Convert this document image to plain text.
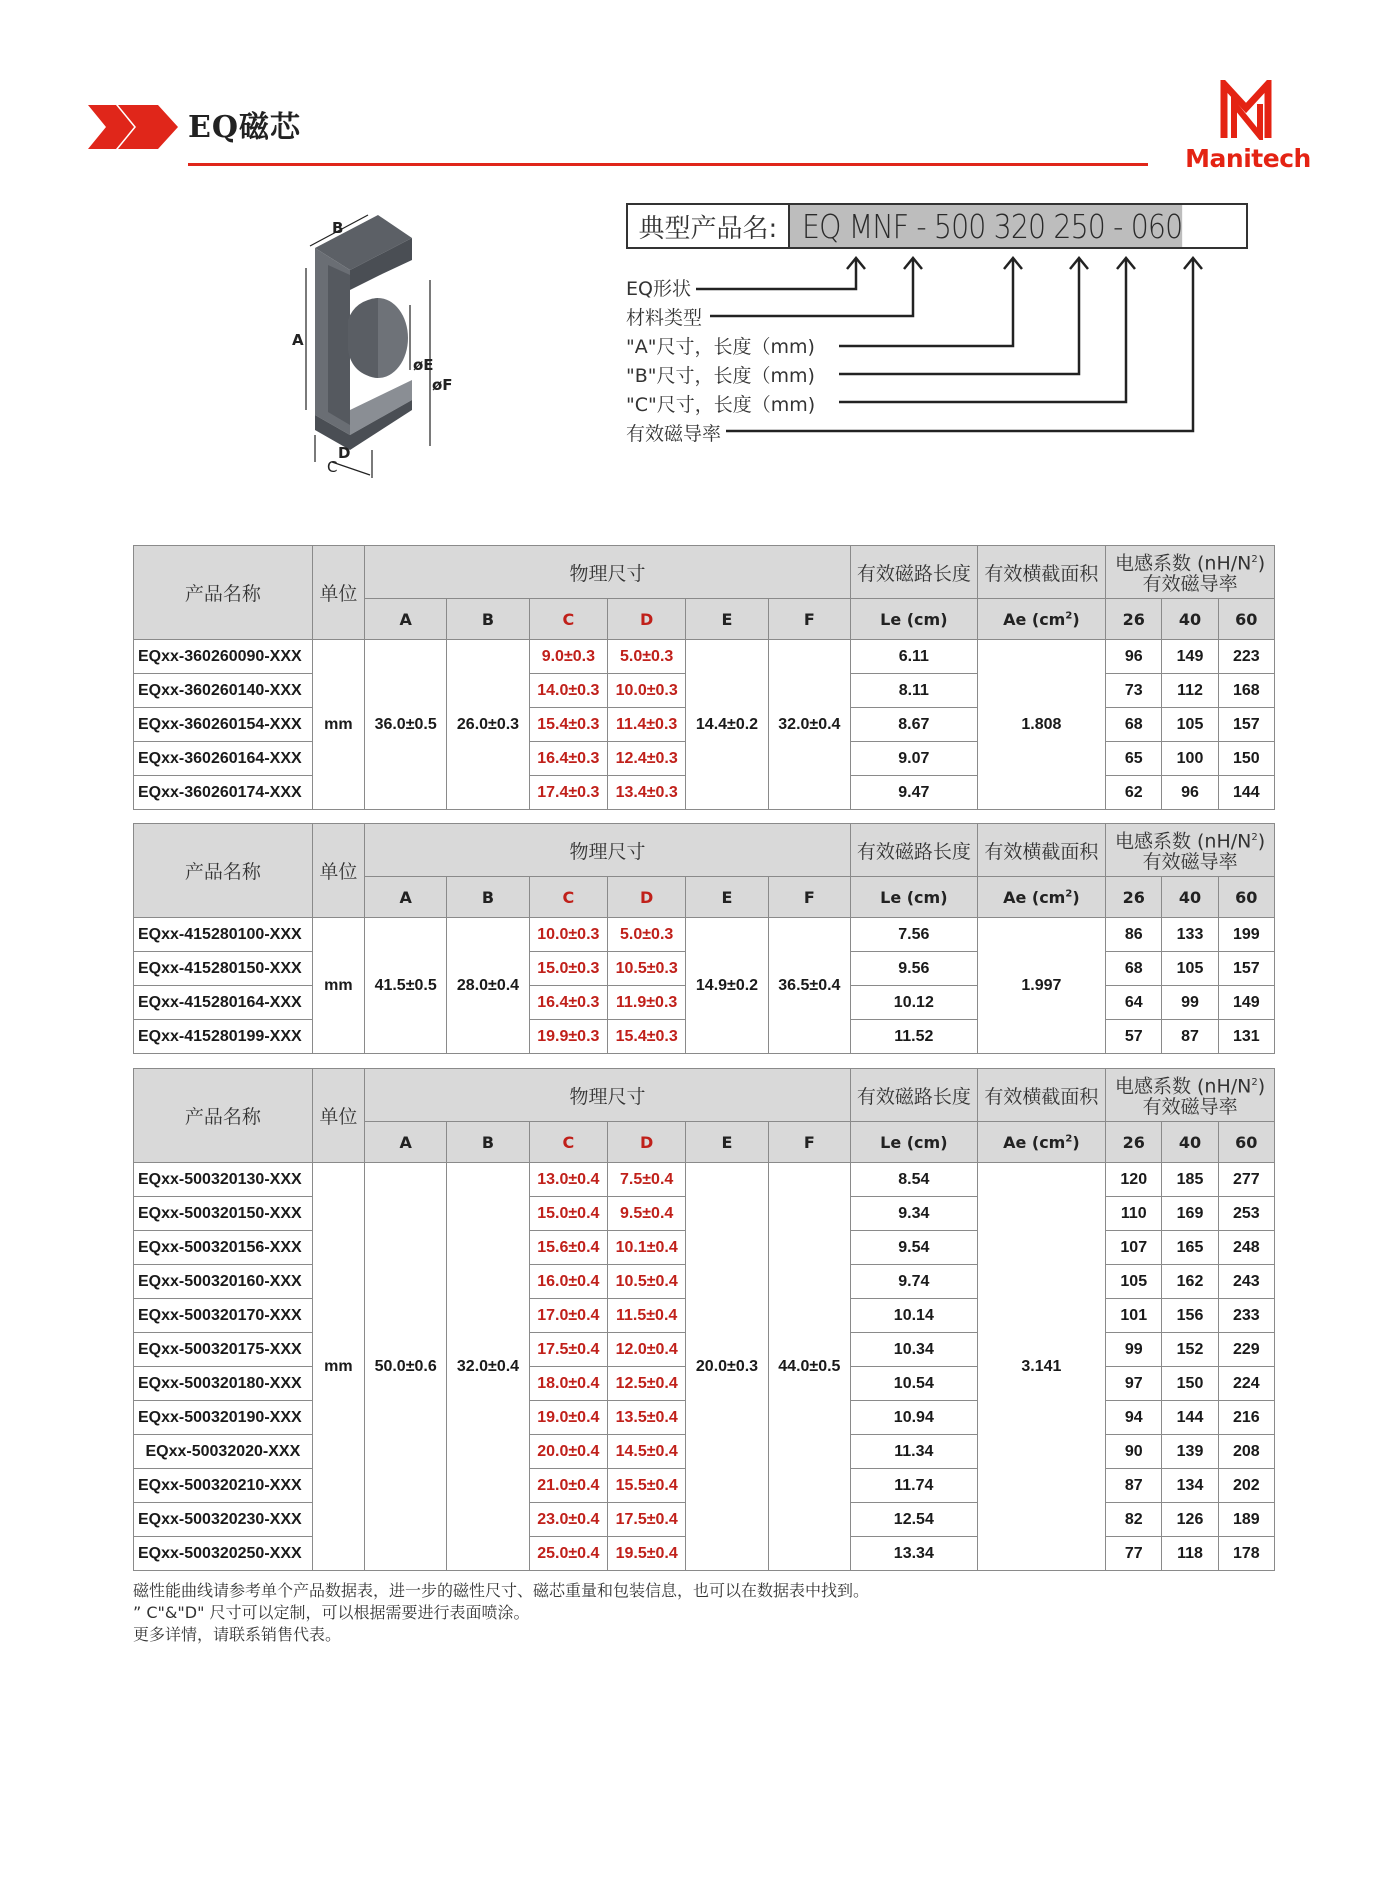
EQ磁芯
Manitech
A
B
C
D
øE
øF
典型产品名: EQ MNF - 500 320 250 - 060
EQ形状
材料类型
"A"尺寸，长度（mm)
"B"尺寸，长度（mm)
"C"尺寸，长度（mm)
有效磁导率
产品名称	单位	物理尺寸						有效磁路长度	有效横截面积	电感系数 $(nH/N^2)$
有效磁导率		
		A	B	C	D	E	F	Le (cm)	Ae $(cm^2)$	26	40	60
EQxx-360260090-XXX	mm	36.0±0.5	26.0±0.3	9.0±0.3	5.0±0.3	14.4±0.2	32.0±0.4	6.11	1.808	96	149	223
EQxx-360260140-XXX				14.0±0.3	10.0±0.3			8.11		73	112	168
EQxx-360260154-XXX				15.4±0.3	11.4±0.3			8.67		68	105	157
EQxx-360260164-XXX				16.4±0.3	12.4±0.3			9.07		65	100	150
EQxx-360260174-XXX				17.4±0.3	13.4±0.3			9.47		62	96	144
产品名称	单位	物理尺寸						有效磁路长度	有效横截面积	电感系数 $(nH/N^2)$
有效磁导率		
		A	B	C	D	E	F	Le (cm)	Ae $(cm^2)$	26	40	60
EQxx-415280100-XXX	mm	41.5±0.5	28.0±0.4	10.0±0.3	5.0±0.3	14.9±0.2	36.5±0.4	7.56	1.997	86	133	199
EQxx-415280150-XXX				15.0±0.3	10.5±0.3			9.56		68	105	157
EQxx-415280164-XXX				16.4±0.3	11.9±0.3			10.12		64	99	149
EQxx-415280199-XXX				19.9±0.3	15.4±0.3			11.52		57	87	131
产品名称	单位	物理尺寸						有效磁路长度	有效横截面积	电感系数 $(nH/N^2)$
有效磁导率		
		A	B	C	D	E	F	Le (cm)	Ae $(cm^2)$	26	40	60
EQxx-500320130-XXX	mm	50.0±0.6	32.0±0.4	13.0±0.4	7.5±0.4	20.0±0.3	44.0±0.5	8.54	3.141	120	185	277
EQxx-500320150-XXX				15.0±0.4	9.5±0.4			9.34		110	169	253
EQxx-500320156-XXX				15.6±0.4	10.1±0.4			9.54		107	165	248
EQxx-500320160-XXX				16.0±0.4	10.5±0.4			9.74		105	162	243
EQxx-500320170-XXX				17.0±0.4	11.5±0.4			10.14		101	156	233
EQxx-500320175-XXX				17.5±0.4	12.0±0.4			10.34		99	152	229
EQxx-500320180-XXX				18.0±0.4	12.5±0.4			10.54		97	150	224
EQxx-500320190-XXX				19.0±0.4	13.5±0.4			10.94		94	144	216
EQxx-50032020-XXX				20.0±0.4	14.5±0.4			11.34		90	139	208
EQxx-500320210-XXX				21.0±0.4	15.5±0.4			11.74		87	134	202
EQxx-500320230-XXX				23.0±0.4	17.5±0.4			12.54		82	126	189
EQxx-500320250-XXX				25.0±0.4	19.5±0.4			13.34		77	118	178
磁性能曲线请参考单个产品数据表，进一步的磁性尺寸、磁芯重量和包装信息，也可以在数据表中找到。
” C"&"D" 尺寸可以定制，可以根据需要进行表面喷涂。
更多详情，请联系销售代表。
